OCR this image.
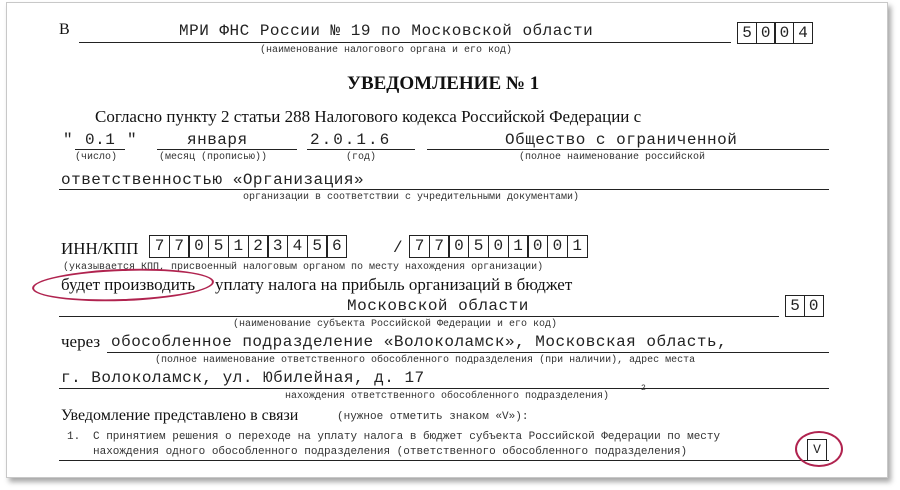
В	МРИ ФНС России № 19 по Московской области
(наименование налогового органа и его код)
5 0 0 4
УВЕДОМЛЕНИЕ № 1
Согласно пункту 2 статьи 288 Налогового кодекса Российской Федерации с
" 0.1 "
(число)
января
(месяц (прописью))
2.0.1.6
(год)
Общество с ограниченной
(полное наименование российской
ответственностью «Организация»
организации в соответствии с учредительными документами)
ИНН/КПП	7 7 0 5 1 2 3 4 5 6	/ 7 7 0 5 0 1 0 0 1
(указывается КПП, присвоенный налоговым органом по месту нахождения организации)
будет производить уплату налога на прибыль организаций в бюджет
Московской области	5 0
(наименование субъекта Российской Федерации и его код)
через обособленное подразделение «Волоколамск», Московская область,
(полное наименование ответственного обособленного подразделения (при наличии), адрес места
г. Волоколамск, ул. Юбилейная, д. 17
нахождения ответственного обособленного подразделения)
2
Уведомление представлено в связи	(нужное отметить знаком «V»):
1. С принятием решения о переходе на уплату налога в бюджет субъекта Российской Федерации по месту
нахождения одного обособленного подразделения (ответственного обособленного подразделения)	V
